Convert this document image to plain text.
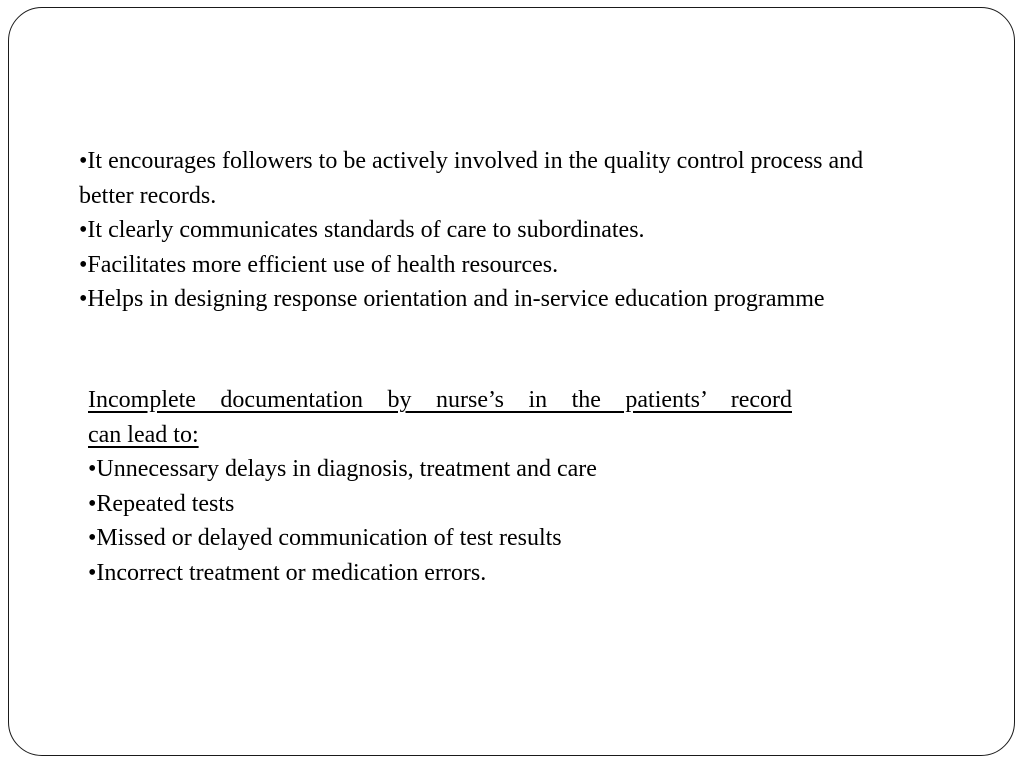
•It encourages followers to be actively involved in the quality control process and better records.
•It clearly communicates standards of care to subordinates.
•Facilitates more efficient use of health resources.
•Helps in designing response orientation and in-service education programme
Incomplete documentation by nurse’s in the patients’ record
can lead to:
•Unnecessary delays in diagnosis, treatment and care
•Repeated tests
•Missed or delayed communication of test results
•Incorrect treatment or medication errors.
